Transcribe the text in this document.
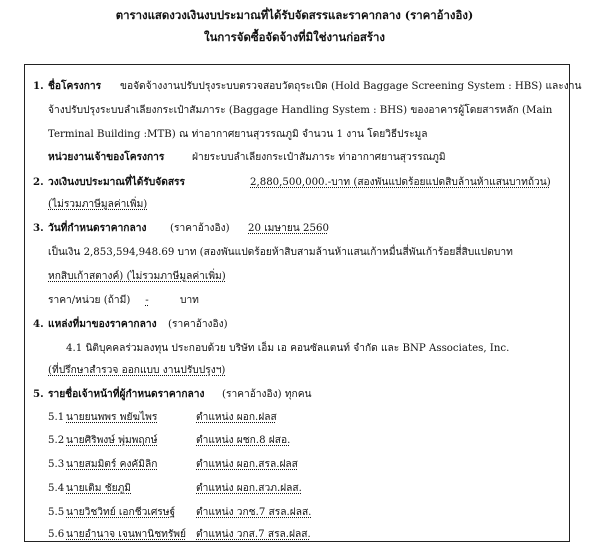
ตารางแสดงวงเงินงบประมาณที่ได้รับจัดสรรและราคากลาง (ราคาอ้างอิง)
ในการจัดซื้อจัดจ้างที่มิใช่งานก่อสร้าง
1. ชื่อโครงการ ขอจัดจ้างงานปรับปรุงระบบตรวจสอบวัตถุระเบิด (Hold Baggage Screening System : HBS) และงาน
จ้างปรับปรุงระบบลำเลียงกระเป๋าสัมภาระ (Baggage Handling System : BHS) ของอาคารผู้โดยสารหลัก (Main
Terminal Building :MTB) ณ ท่าอากาศยานสุวรรณภูมิ จำนวน 1 งาน โดยวิธีประมูล
หน่วยงานเจ้าของโครงการ	ฝ่ายระบบลำเลียงกระเป๋าสัมภาระ ท่าอากาศยานสุวรรณภูมิ
2. วงเงินงบประมาณที่ได้รับจัดสรร	2,880,500,000.-บาท (สองพันแปดร้อยแปดสิบล้านห้าแสนบาทถ้วน)
(ไม่รวมภาษีมูลค่าเพิ่ม)
3. วันที่กำหนดราคากลาง (ราคาอ้างอิง) 20 เมษายน 2560
เป็นเงิน 2,853,594,948.69 บาท (สองพันแปดร้อยห้าสิบสามล้านห้าแสนเก้าหมื่นสี่พันเก้าร้อยสี่สิบแปดบาท
หกสิบเก้าสตางค์) (ไม่รวมภาษีมูลค่าเพิ่ม)
ราคา/หน่วย (ถ้ามี)	-	บาท
4. แหล่งที่มาของราคากลาง (ราคาอ้างอิง)
4.1 นิติบุคคลร่วมลงทุน ประกอบด้วย บริษัท เอ็ม เอ คอนซัลแตนท์ จำกัด และ BNP Associates, Inc.
(ที่ปรึกษาสำรวจ ออกแบบ งานปรับปรุงฯ)
5. รายชื่อเจ้าหน้าที่ผู้กำหนดราคากลาง (ราคาอ้างอิง) ทุกคน
5.1 นายยนพพร พยัฆไพร	ตำแหน่ง ผอก.ฝลส
5.2 นายศิริพงษ์ พุ่มพฤกษ์	ตำแหน่ง ผชก.8 ฝสอ.
5.3 นายสมมิตร์ คงคัมิลิก	ตำแหน่ง ผอก.สรล.ฝลส
5.4 นายเติม ชัยภูมิ	ตำแหน่ง ผอก.สวภ.ฝลส.
5.5 นายวิชวิทย์ เอกชีวเศรษฐ์ ตำแหน่ง วกช.7 สรล.ฝลส.
5.6 นายอำนาจ เจนพานิชทรัพย์ ตำแหน่ง วกส.7 สรล.ฝลส.
